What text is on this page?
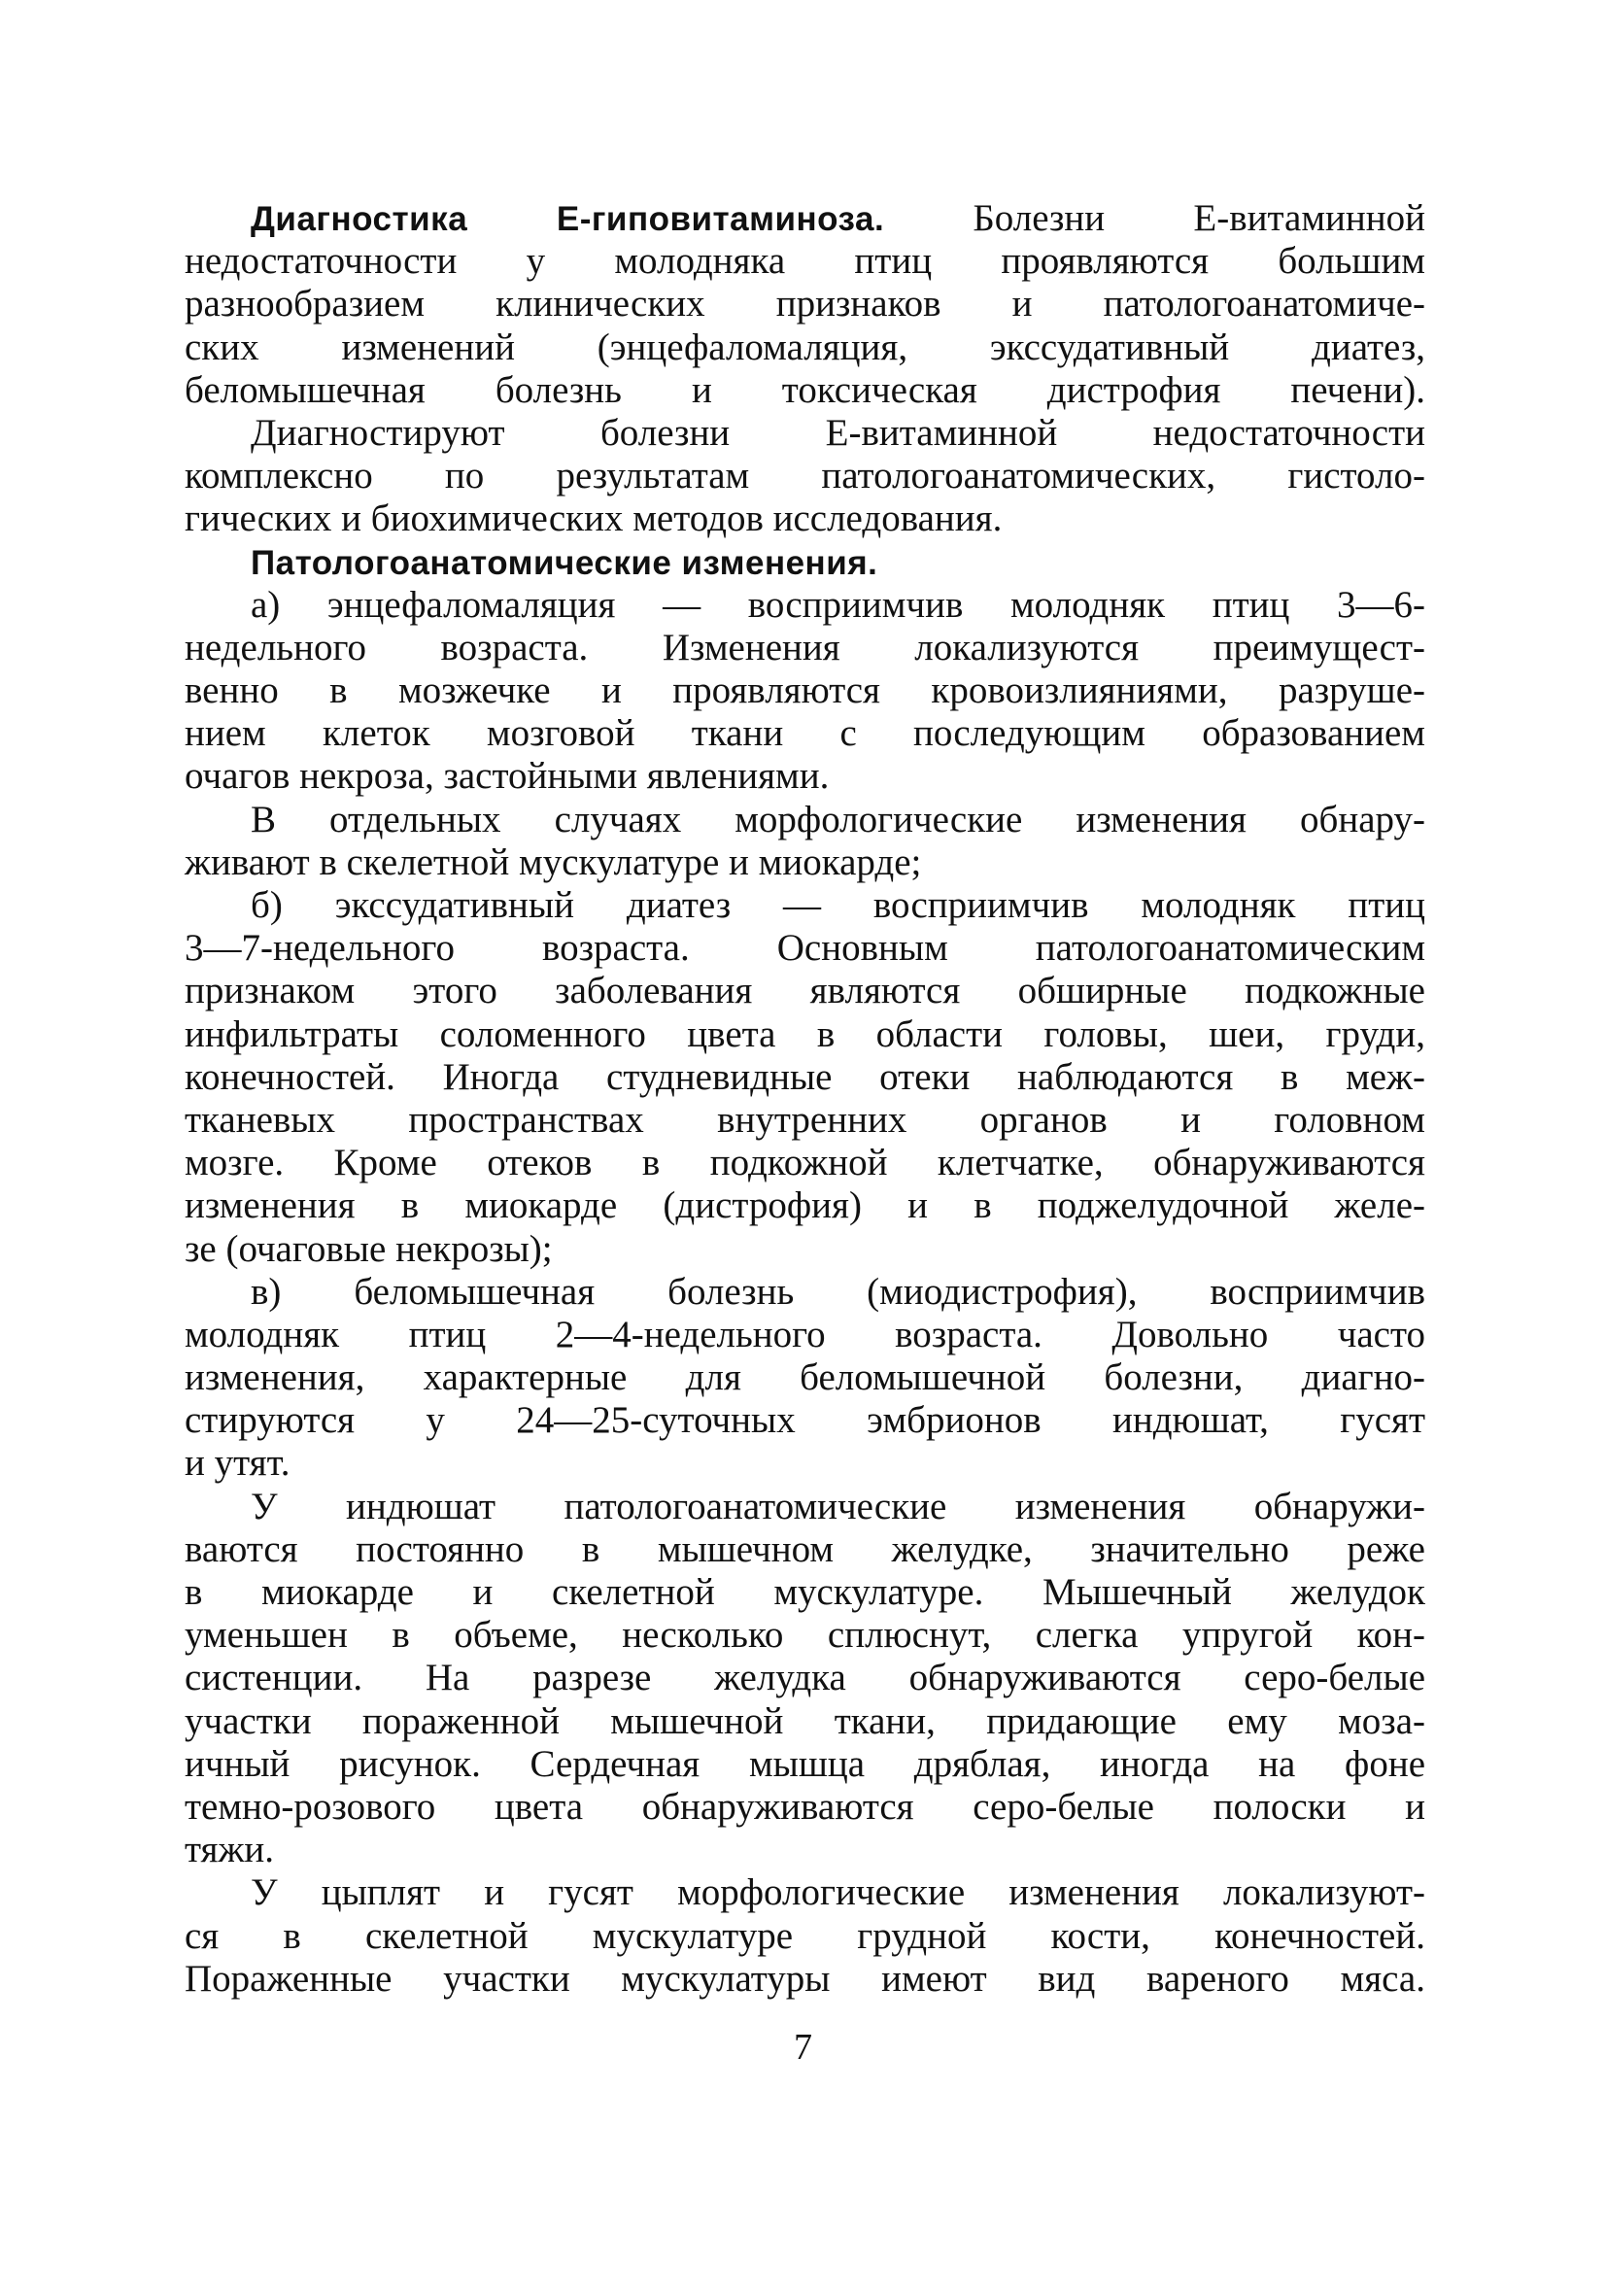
Диагностика Е-гиповитаминоза. Болезни Е-витаминной
недостаточности у молодняка птиц проявляются большим
разнообразием клинических признаков и патологоанатомиче-
ских изменений (энцефаломаляция, экссудативный диатез,
беломышечная болезнь и токсическая дистрофия печени).
Диагностируют болезни Е-витаминной недостаточности
комплексно по результатам патологоанатомических, гистоло-
гических и биохимических методов исследования.
Патологоанатомические изменения.
а) энцефаломаляция — восприимчив молодняк птиц 3—6-
недельного возраста. Изменения локализуются преимущест-
венно в мозжечке и проявляются кровоизлияниями, разруше-
нием клеток мозговой ткани с последующим образованием
очагов некроза, застойными явлениями.
В отдельных случаях морфологические изменения обнару-
живают в скелетной мускулатуре и миокарде;
б) экссудативный диатез — восприимчив молодняк птиц
3—7-недельного возраста. Основным патологоанатомическим
признаком этого заболевания являются обширные подкожные
инфильтраты соломенного цвета в области головы, шеи, груди,
конечностей. Иногда студневидные отеки наблюдаются в меж-
тканевых пространствах внутренних органов и головном
мозге. Кроме отеков в подкожной клетчатке, обнаруживаются
изменения в миокарде (дистрофия) и в поджелудочной желе-
зе (очаговые некрозы);
в) беломышечная болезнь (миодистрофия), восприимчив
молодняк птиц 2—4-недельного возраста. Довольно часто
изменения, характерные для беломышечной болезни, диагно-
стируются у 24—25-суточных эмбрионов индюшат, гусят
и утят.
У индюшат патологоанатомические изменения обнаружи-
ваются постоянно в мышечном желудке, значительно реже
в миокарде и скелетной мускулатуре. Мышечный желудок
уменьшен в объеме, несколько сплюснут, слегка упругой кон-
систенции. На разрезе желудка обнаруживаются серо-белые
участки пораженной мышечной ткани, придающие ему моза-
ичный рисунок. Сердечная мышца дряблая, иногда на фоне
темно-розового цвета обнаруживаются серо-белые полоски и
тяжи.
У цыплят и гусят морфологические изменения локализуют-
ся в скелетной мускулатуре грудной кости, конечностей.
Пораженные участки мускулатуры имеют вид вареного мяса.
7
